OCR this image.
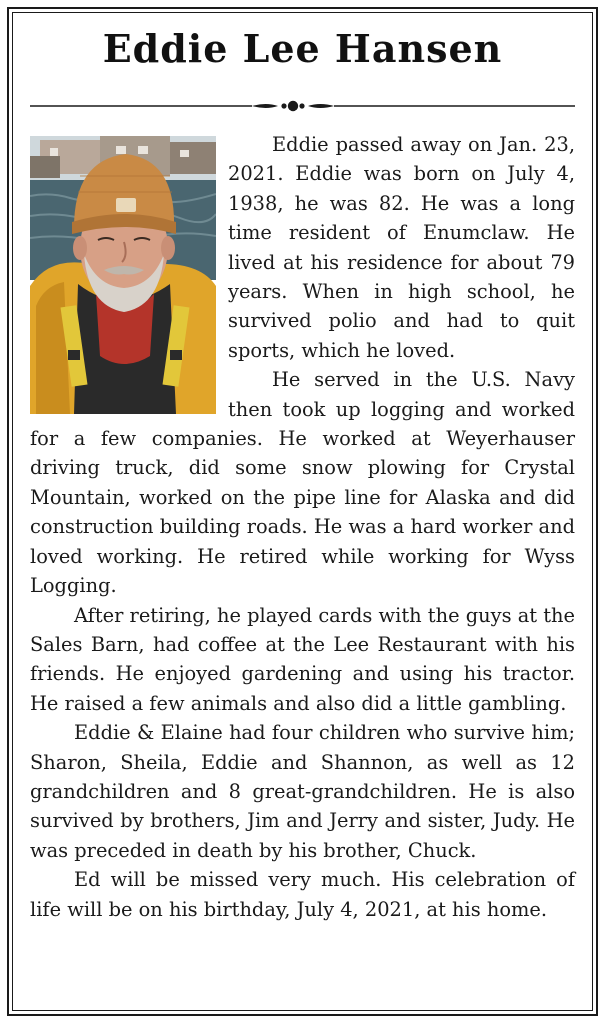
Eddie Lee Hansen

Eddie passed away on Jan. 23, 2021. Eddie was born on July 4, 1938, he was 82. He was a long time resident of Enumclaw. He lived at his residence for about 79 years. When in high school, he survived polio and had to quit sports, which he loved.

He served in the U.S. Navy then took up logging and worked for a few companies. He worked at Weyerhauser driving truck, did some snow plowing for Crystal Mountain, worked on the pipe line for Alaska and did construction building roads. He was a hard worker and loved working. He retired while working for Wyss Logging.

After retiring, he played cards with the guys at the Sales Barn, had coffee at the Lee Restaurant with his friends. He enjoyed gardening and using his tractor. He raised a few animals and also did a little gambling.

Eddie & Elaine had four children who survive him; Sharon, Sheila, Eddie and Shannon, as well as 12 grandchildren and 8 great-grandchildren. He is also survived by brothers, Jim and Jerry and sister, Judy. He was preceded in death by his brother, Chuck.

Ed will be missed very much. His celebration of life will be on his birthday, July 4, 2021, at his home.
